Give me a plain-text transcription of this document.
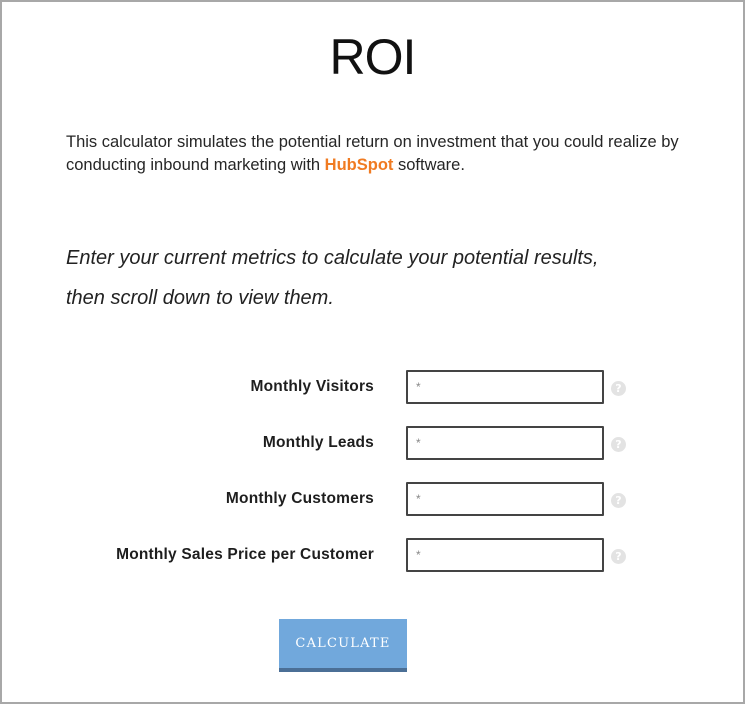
ROI

This calculator simulates the potential return on investment that you could realize by conducting inbound marketing with HubSpot software.

Enter your current metrics to calculate your potential results,
then scroll down to view them.
Monthly Visitors
*	?
Monthly Leads
*	?
Monthly Customers
*	?
Monthly Sales Price per Customer
*	?
CALCULATE
